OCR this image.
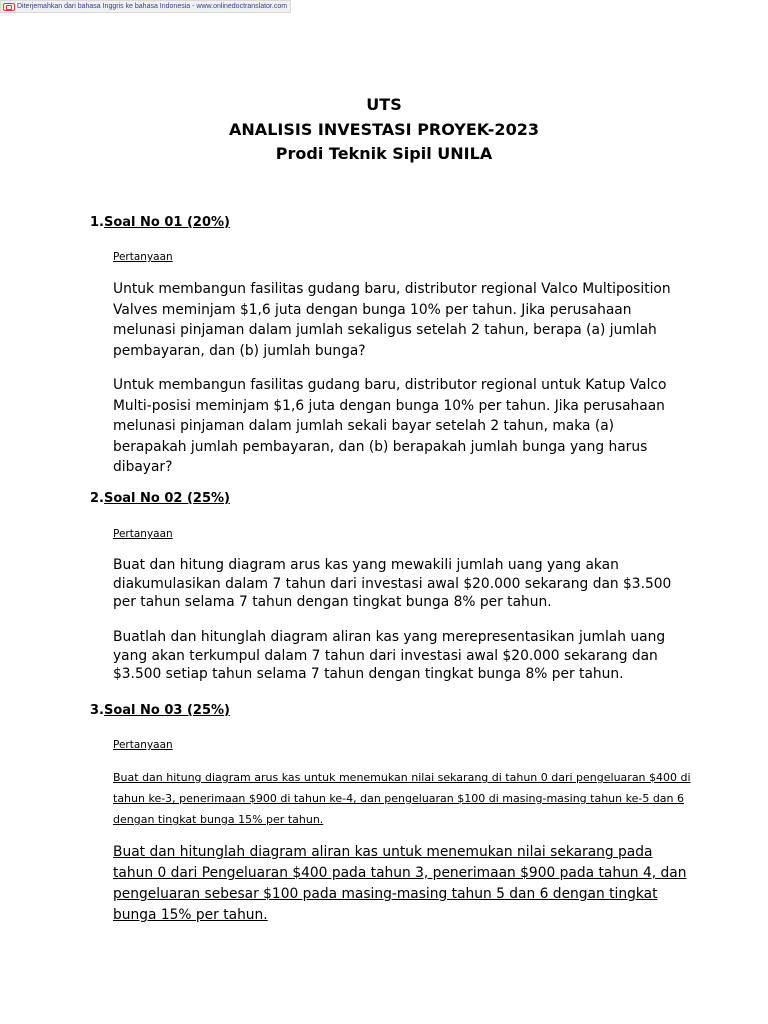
Diterjemahkan dari bahasa Inggris ke bahasa Indonesia - www.onlinedoctranslator.com
UTS
ANALISIS INVESTASI PROYEK-2023
Prodi Teknik Sipil UNILA
1.Soal No 01 (20%)
Pertanyaan
Untuk membangun fasilitas gudang baru, distributor regional Valco Multiposition Valves meminjam $1,6 juta dengan bunga 10% per tahun. Jika perusahaan melunasi pinjaman dalam jumlah sekaligus setelah 2 tahun, berapa (a) jumlah pembayaran, dan (b) jumlah bunga?
Untuk membangun fasilitas gudang baru, distributor regional untuk Katup Valco Multi-posisi meminjam $1,6 juta dengan bunga 10% per tahun. Jika perusahaan melunasi pinjaman dalam jumlah sekali bayar setelah 2 tahun, maka (a) berapakah jumlah pembayaran, dan (b) berapakah jumlah bunga yang harus dibayar?
2.Soal No 02 (25%)
Pertanyaan
Buat dan hitung diagram arus kas yang mewakili jumlah uang yang akan diakumulasikan dalam 7 tahun dari investasi awal $20.000 sekarang dan $3.500 per tahun selama 7 tahun dengan tingkat bunga 8% per tahun.
Buatlah dan hitunglah diagram aliran kas yang merepresentasikan jumlah uang yang akan terkumpul dalam 7 tahun dari investasi awal $20.000 sekarang dan $3.500 setiap tahun selama 7 tahun dengan tingkat bunga 8% per tahun.
3.Soal No 03 (25%)
Pertanyaan
Buat dan hitung diagram arus kas untuk menemukan nilai sekarang di tahun 0 dari pengeluaran $400 di tahun ke-3, penerimaan $900 di tahun ke-4, dan pengeluaran $100 di masing-masing tahun ke-5 dan 6 dengan tingkat bunga 15% per tahun.
Buat dan hitunglah diagram aliran kas untuk menemukan nilai sekarang pada tahun 0 dari Pengeluaran $400 pada tahun 3, penerimaan $900 pada tahun 4, dan pengeluaran sebesar $100 pada masing-masing tahun 5 dan 6 dengan tingkat bunga 15% per tahun.
